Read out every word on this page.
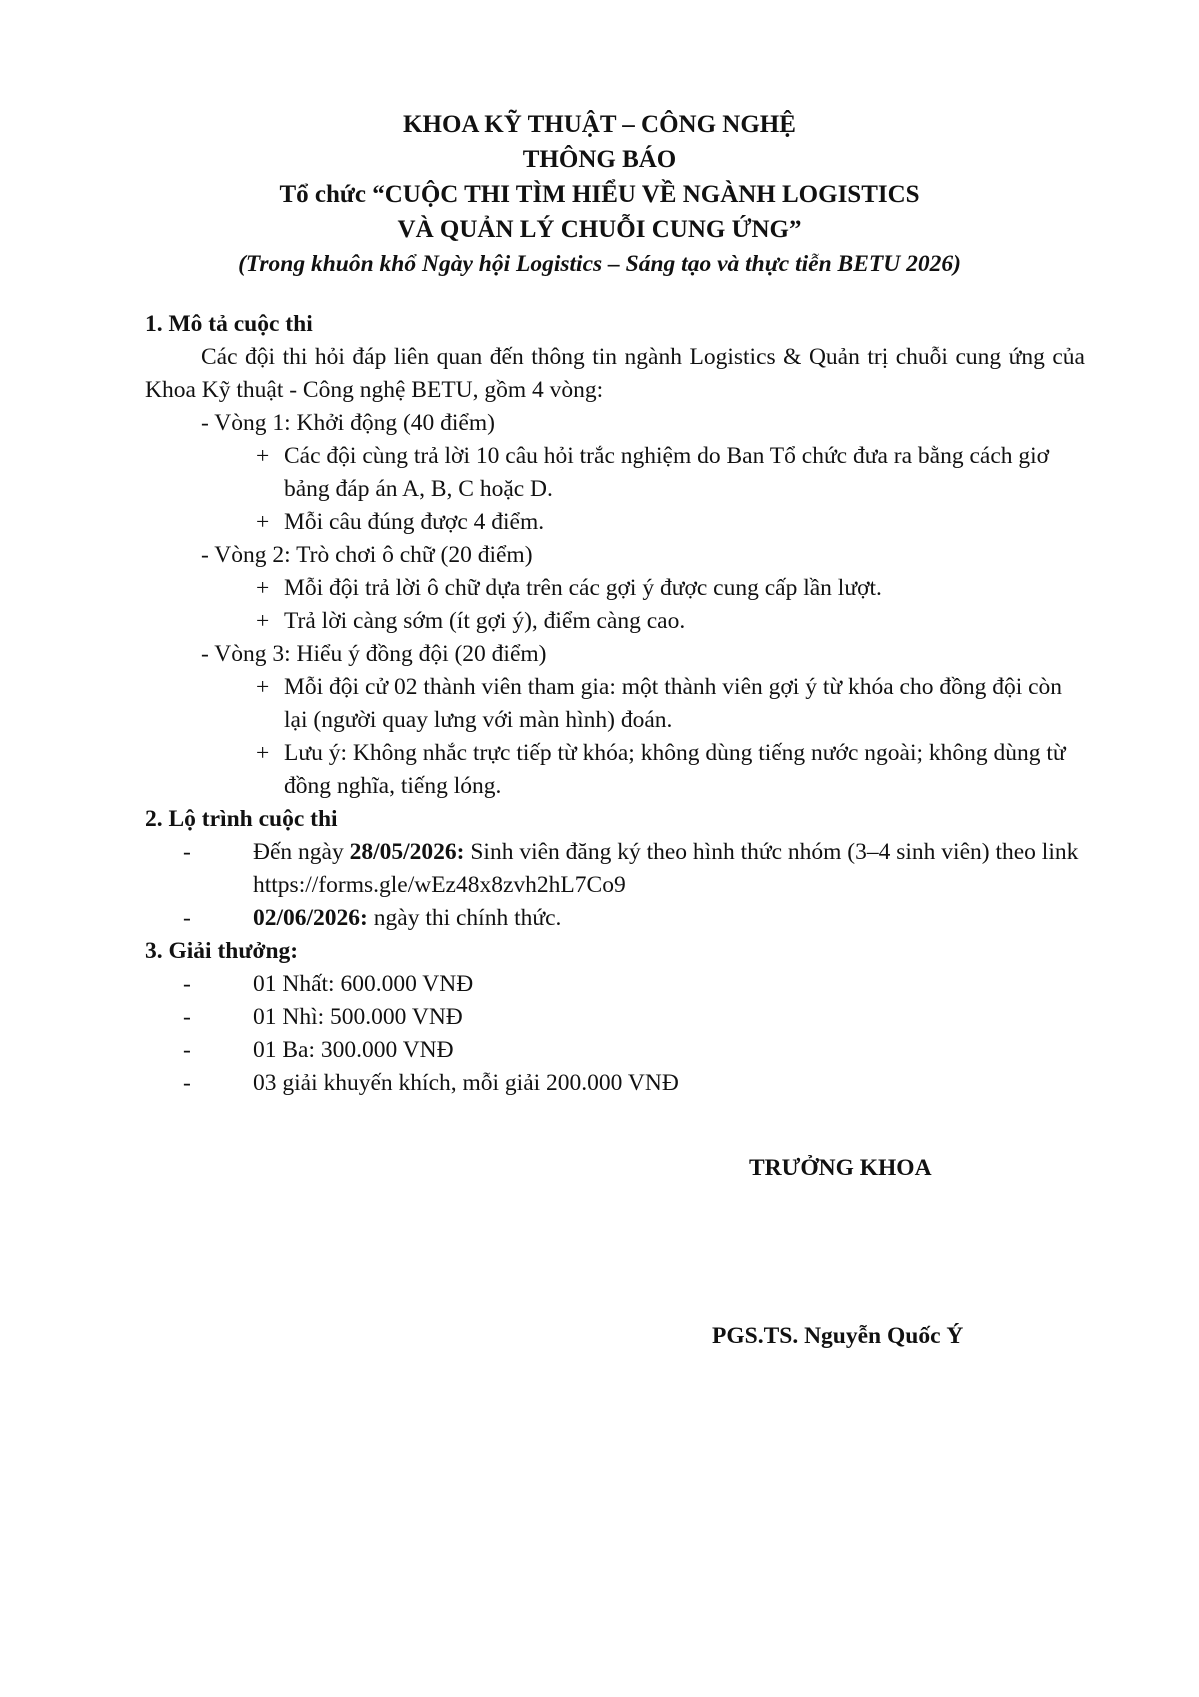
KHOA KỸ THUẬT – CÔNG NGHỆ
THÔNG BÁO
Tổ chức “CUỘC THI TÌM HIỂU VỀ NGÀNH LOGISTICS
VÀ QUẢN LÝ CHUỖI CUNG ỨNG”
(Trong khuôn khổ Ngày hội Logistics – Sáng tạo và thực tiễn BETU 2026)
1. Mô tả cuộc thi
Các đội thi hỏi đáp liên quan đến thông tin ngành Logistics & Quản trị chuỗi cung ứng của Khoa Kỹ thuật - Công nghệ BETU, gồm 4 vòng:
- Vòng 1: Khởi động (40 điểm)
+ Các đội cùng trả lời 10 câu hỏi trắc nghiệm do Ban Tổ chức đưa ra bằng cách giơ bảng đáp án A, B, C hoặc D.
+ Mỗi câu đúng được 4 điểm.
- Vòng 2: Trò chơi ô chữ (20 điểm)
+ Mỗi đội trả lời ô chữ dựa trên các gợi ý được cung cấp lần lượt.
+ Trả lời càng sớm (ít gợi ý), điểm càng cao.
- Vòng 3: Hiểu ý đồng đội (20 điểm)
+ Mỗi đội cử 02 thành viên tham gia: một thành viên gợi ý từ khóa cho đồng đội còn lại (người quay lưng với màn hình) đoán.
+ Lưu ý: Không nhắc trực tiếp từ khóa; không dùng tiếng nước ngoài; không dùng từ đồng nghĩa, tiếng lóng.
2. Lộ trình cuộc thi
-	Đến ngày 28/05/2026: Sinh viên đăng ký theo hình thức nhóm (3–4 sinh viên) theo link https://forms.gle/wEz48x8zvh2hL7Co9
-	02/06/2026: ngày thi chính thức.
3. Giải thưởng:
-	01 Nhất: 600.000 VNĐ
-	01 Nhì: 500.000 VNĐ
-	01 Ba: 300.000 VNĐ
-	03 giải khuyến khích, mỗi giải 200.000 VNĐ
TRƯỞNG KHOA
PGS.TS. Nguyễn Quốc Ý
